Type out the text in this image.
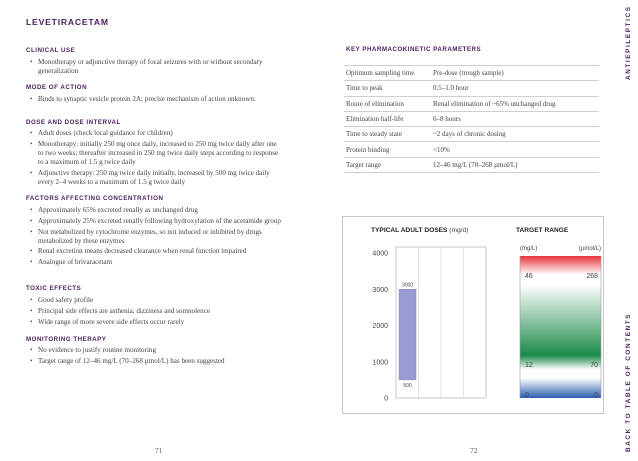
LEVETIRACETAM
CLINICAL USE
• Monotherapy or adjunctive therapy of focal seizures with or without secondary generalization
MODE OF ACTION
• Binds to synaptic vesicle protein 2A; precise mechanism of action unknown.
DOSE AND DOSE INTERVAL
• Adult doses (check local guidance for children)
• Monotherapy: initially 250 mg once daily, increased to 250 mg twice daily after one to two weeks; thereafter increased in 250 mg twice daily steps according to response to a maximum of 1.5 g twice daily
• Adjunctive therapy: 250 mg twice daily initially, increased by 500 mg twice daily every 2–4 weeks to a maximum of 1.5 g twice daily
FACTORS AFFECTING CONCENTRATION
• Approximately 65% excreted renally as unchanged drug
• Approximately 25% excreted renally following hydroxylation of the acetamide group
• Not metabolized by cytochrome enzymes, so not induced or inhibited by drugs metabolized by these enzymes
• Renal excretion means decreased clearance when renal function impaired
• Analogue of brivaracetam
TOXIC EFFECTS
• Good safety profile
• Principal side effects are asthenia, dizziness and somnolence
• Wide range of more severe side effects occur rarely
MONITORING THERAPY
• No evidence to justify routine monitoring
• Target range of 12–46 mg/L (70–268 µmol/L) has been suggested
71
KEY PHARMACOKINETIC PARAMETERS
Optimum sampling time	Pre-dose (trough sample)
Time to peak	0.5–1.0 hour
Route of elimination	Renal elimination of ~65% unchanged drug
Elimination half-life	6–8 hours
Time to steady state	~2 days of chronic dosing
Protein binding	<10%
Target range	12–46 mg/L (70–268 µmol/L)
TYPICAL ADULT DOSES (mg/d)	TARGET RANGE
0
1000
2000
3000
4000
3000
500
(mg/L)	(µmol/L)
46
12
0
268
70
0
72
ANTIEPILEPTICS
BACK TO TABLE OF CONTENTS
